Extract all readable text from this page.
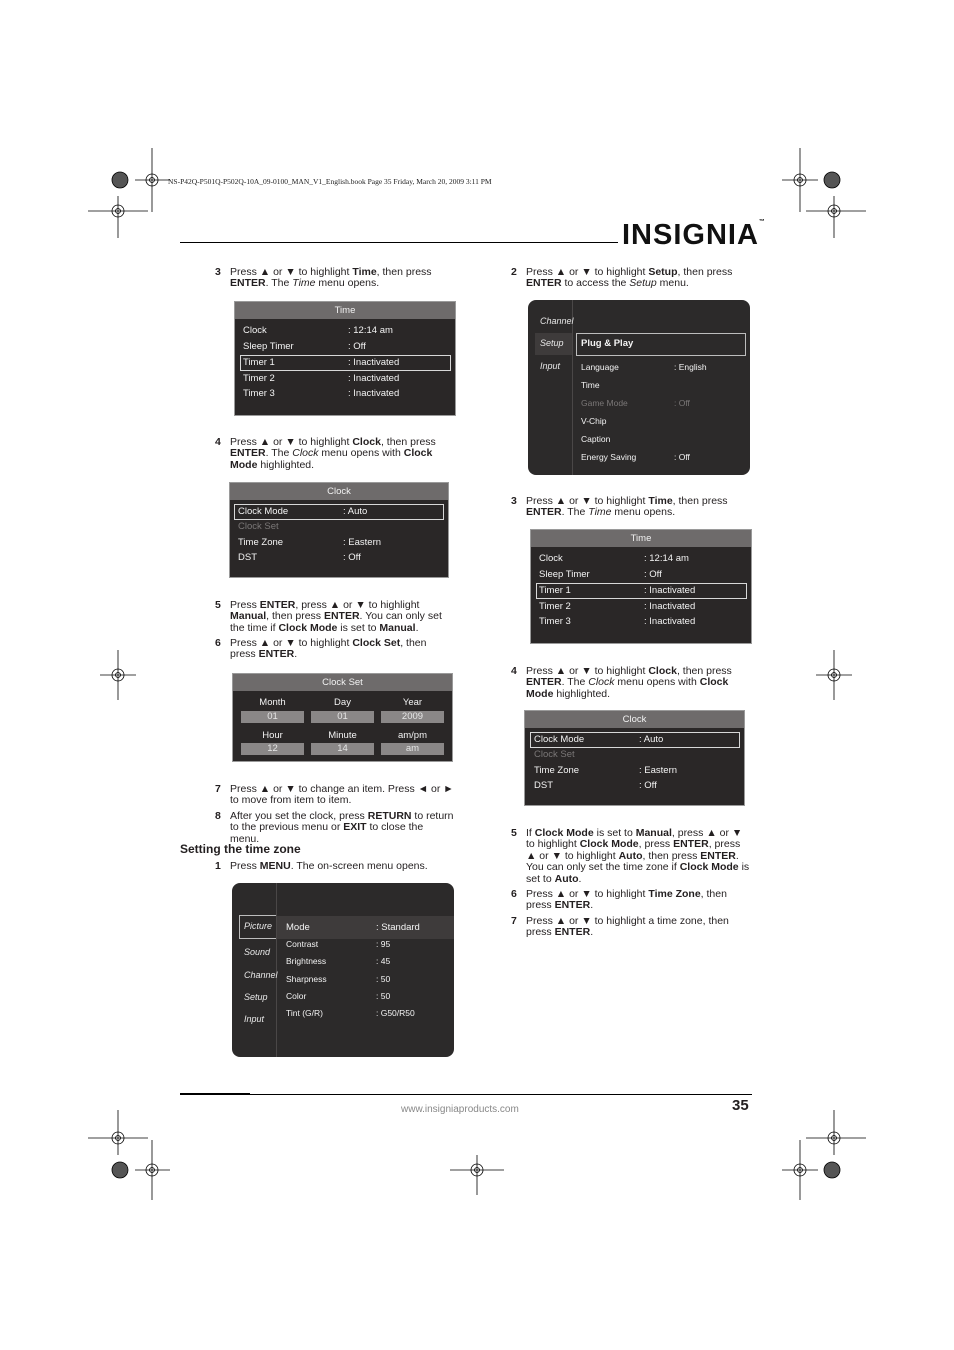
NS-P42Q-P501Q-P502Q-10A_09-0100_MAN_V1_English.book Page 35 Friday, March 20, 2009 3:11 PM
INSIGNIA™
3 Press ▲ or ▼ to highlight Time, then press ENTER. The Time menu opens.
Time
Clock	: 12:14 am
Sleep Timer	: Off
Timer 1	: Inactivated
Timer 2	: Inactivated
Timer 3	: Inactivated
4 Press ▲ or ▼ to highlight Clock, then press ENTER. The Clock menu opens with Clock Mode highlighted.
Clock
Clock Mode	: Auto
Clock Set
Time Zone	: Eastern
DST	: Off
5 Press ENTER, press ▲ or ▼ to highlight Manual, then press ENTER. You can only set the time if Clock Mode is set to Manual.
6 Press ▲ or ▼ to highlight Clock Set, then press ENTER.
Clock Set
Month	Day	Year
01	01	2009
Hour	Minute	am/pm
12	14	am
7 Press ▲ or ▼ to change an item. Press ◄ or ► to move from item to item.
8 After you set the clock, press RETURN to return to the previous menu or EXIT to close the menu.
Setting the time zone
1 Press MENU. The on-screen menu opens.
Picture
Sound
Channel
Setup
Input
Mode	: Standard
Contrast	: 95
Brightness	: 45
Sharpness	: 50
Color	: 50
Tint (G/R)	: G50/R50
2 Press ▲ or ▼ to highlight Setup, then press ENTER to access the Setup menu.
Channel
Setup
Input
Plug & Play
Language	: English
Time
Game Mode	: Off
V-Chip
Caption
Energy Saving	: Off
3 Press ▲ or ▼ to highlight Time, then press ENTER. The Time menu opens.
Time
Clock	: 12:14 am
Sleep Timer	: Off
Timer 1	: Inactivated
Timer 2	: Inactivated
Timer 3	: Inactivated
4 Press ▲ or ▼ to highlight Clock, then press ENTER. The Clock menu opens with Clock Mode highlighted.
Clock
Clock Mode	: Auto
Clock Set
Time Zone	: Eastern
DST	: Off
5 If Clock Mode is set to Manual, press ▲ or ▼ to highlight Clock Mode, press ENTER, press ▲ or ▼ to highlight Auto, then press ENTER. You can only set the time zone if Clock Mode is set to Auto.
6 Press ▲ or ▼ to highlight Time Zone, then press ENTER.
7 Press ▲ or ▼ to highlight a time zone, then press ENTER.
www.insigniaproducts.com	35
